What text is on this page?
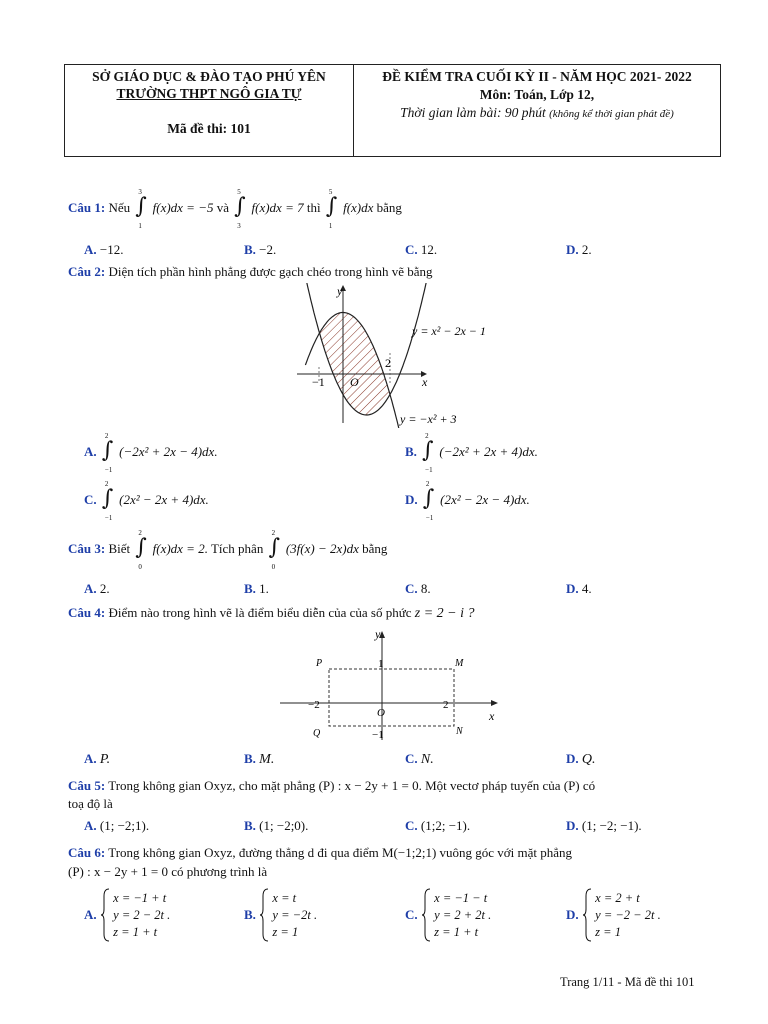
SỞ GIÁO DỤC & ĐÀO TẠO PHÚ YÊN
TRƯỜNG THPT NGÔ GIA TỰ
Mã đề thi: 101
ĐỀ KIỂM TRA CUỐI KỲ II - NĂM HỌC 2021- 2022
Môn: Toán, Lớp 12,
Thời gian làm bài: 90 phút (không kể thời gian phát đề)
Câu 1: Nếu
3
∫
1
f(x)dx = −5 và
5
∫
3
f(x)dx = 7 thì
5
∫
1
f(x)dx bằng
A. −12.	B. −2.	C. 12.	D. 2.
Câu 2: Diện tích phần hình phẳng được gạch chéo trong hình vẽ bằng
y
x
O
−1
2
y = x² − 2x − 1
y = −x² + 3
A.
2
∫
−1
(−2x² + 2x − 4)dx.	B.
2
∫
−1
(−2x² + 2x + 4)dx.
C.
2
∫
−1
(2x² − 2x + 4)dx.	D.
2
∫
−1
(2x² − 2x − 4)dx.
Câu 3: Biết
2
∫
0
f(x)dx = 2. Tích phân
2
∫
0
(3f(x) − 2x)dx bằng
A. 2.	B. 1.	C. 8.	D. 4.
Câu 4: Điểm nào trong hình vẽ là điểm biểu diễn của của số phức z = 2 − i ?
y
x
O
P	M
Q	N
1
−1
−2	2
A. P.	B. M.	C. N.	D. Q.
Câu 5: Trong không gian Oxyz, cho mặt phẳng (P) : x − 2y + 1 = 0. Một vectơ pháp tuyến của (P) có
toạ độ là
A. (1; −2;1).	B. (1; −2;0).	C. (1;2; −1).	D. (1; −2; −1).
Câu 6: Trong không gian Oxyz, đường thẳng d đi qua điểm M(−1;2;1) vuông góc với mặt phẳng
(P) : x − 2y + 1 = 0 có phương trình là
A.  x = −1 + t
y = 2 − 2t .
z = 1 + t
B.  x = t
y = −2t .
z = 1
C.  x = −1 − t
y = 2 + 2t .
z = 1 + t
D.  x = 2 + t
y = −2 − 2t .
z = 1
Trang 1/11 - Mã đề thi 101
